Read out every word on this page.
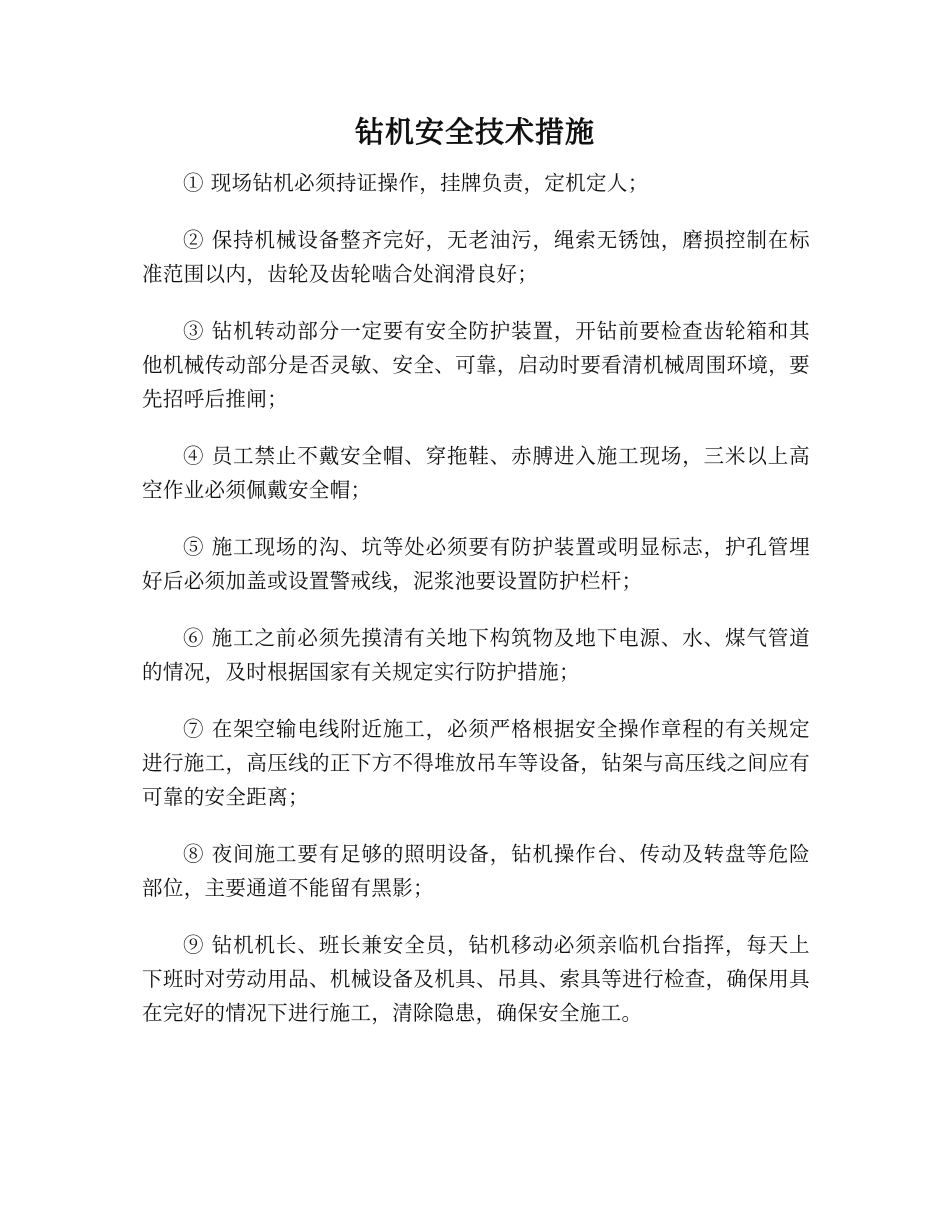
钻机安全技术措施

① 现场钻机必须持证操作，挂牌负责，定机定人；

② 保持机械设备整齐完好，无老油污，绳索无锈蚀，磨损控制在标准范围以内，齿轮及齿轮啮合处润滑良好；

③ 钻机转动部分一定要有安全防护装置，开钻前要检查齿轮箱和其他机械传动部分是否灵敏、安全、可靠，启动时要看清机械周围环境，要先招呼后推闸；

④ 员工禁止不戴安全帽、穿拖鞋、赤膊进入施工现场，三米以上高空作业必须佩戴安全帽；

⑤ 施工现场的沟、坑等处必须要有防护装置或明显标志，护孔管埋好后必须加盖或设置警戒线，泥浆池要设置防护栏杆；

⑥ 施工之前必须先摸清有关地下构筑物及地下电源、水、煤气管道的情况，及时根据国家有关规定实行防护措施；

⑦ 在架空输电线附近施工，必须严格根据安全操作章程的有关规定进行施工，高压线的正下方不得堆放吊车等设备，钻架与高压线之间应有可靠的安全距离；

⑧ 夜间施工要有足够的照明设备，钻机操作台、传动及转盘等危险部位，主要通道不能留有黑影；

⑨ 钻机机长、班长兼安全员，钻机移动必须亲临机台指挥，每天上下班时对劳动用品、机械设备及机具、吊具、索具等进行检查，确保用具在完好的情况下进行施工，清除隐患，确保安全施工。
